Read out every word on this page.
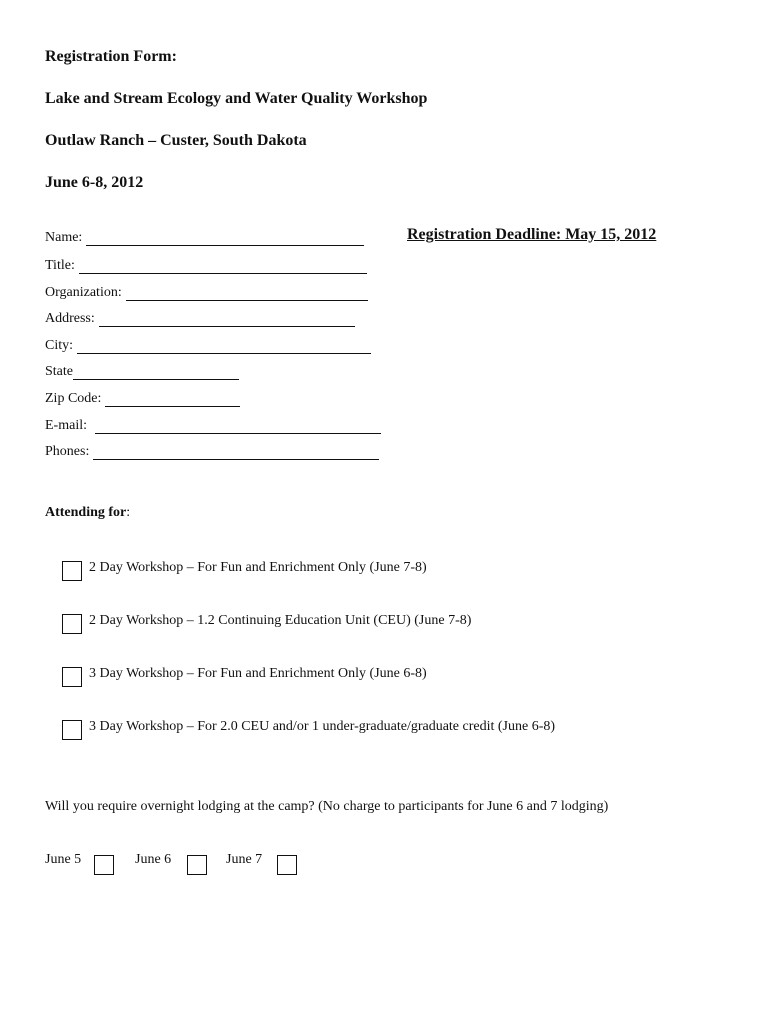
Registration Form:
Lake and Stream Ecology and Water Quality Workshop
Outlaw Ranch – Custer, South Dakota
June 6-8, 2012
Registration Deadline: May 15, 2012
Name:
Title:
Organization:
Address:
City:
State
Zip Code:
E-mail:
Phones:
Attending for:
2 Day Workshop – For Fun and Enrichment Only (June 7-8)
2 Day Workshop – 1.2 Continuing Education Unit (CEU) (June 7-8)
3 Day Workshop – For Fun and Enrichment Only (June 6-8)
3 Day Workshop – For 2.0 CEU and/or 1 under-graduate/graduate credit (June 6-8)
Will you require overnight lodging at the camp? (No charge to participants for June 6 and 7 lodging)
June 5	June 6	June 7
